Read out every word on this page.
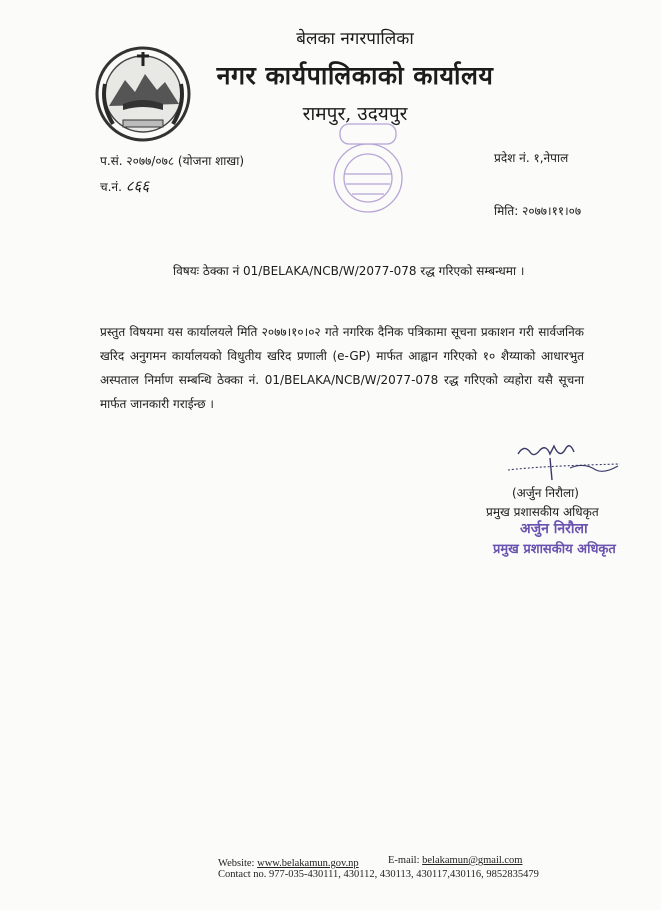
बेलका नगरपालिका
नगर कार्यपालिकाको कार्यालय
रामपुर, उदयपुर
प.सं. २०७७/०७८ (योजना शाखा)
च.नं. ८६६
प्रदेश नं. १,नेपाल
मिति: २०७७।११।०७
विषयः ठेक्का नं 01/BELAKA/NCB/W/2077-078 रद्ध गरिएको सम्बन्धमा ।
प्रस्तुत विषयमा यस कार्यालयले मिति २०७७।१०।०२ गते नगरिक दैनिक पत्रिकामा सूचना प्रकाशन गरी सार्वजनिक खरिद अनुगमन कार्यालयको विधुतीय खरिद प्रणाली (e-GP) मार्फत आह्वान गरिएको १० शैय्याको आधारभुत अस्पताल निर्माण सम्बन्धि ठेक्का नं. 01/BELAKA/NCB/W/2077-078 रद्ध गरिएको व्यहोरा यसै सूचना मार्फत जानकारी गराईन्छ ।
(अर्जुन निरौला)
प्रमुख प्रशासकीय अधिकृत
अर्जुन निरौला
प्रमुख प्रशासकीय अधिकृत
Website: www.belakamun.gov.np	E-mail: belakamun@gmail.com
Contact no. 977-035-430111, 430112, 430113, 430117,430116, 9852835479
